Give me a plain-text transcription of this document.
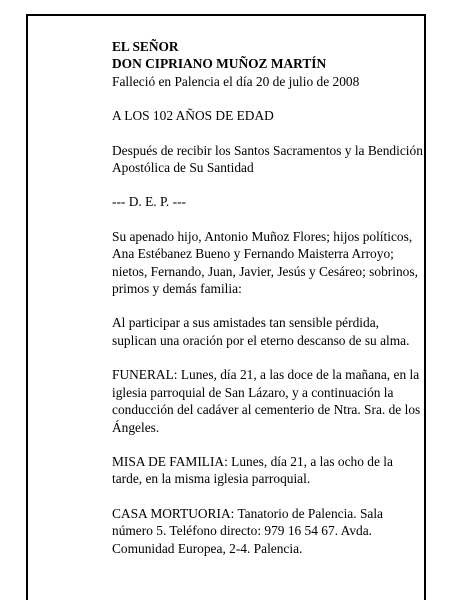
EL SEÑOR

DON CIPRIANO MUÑOZ MARTÍN

Falleció en Palencia el día 20 de julio de 2008

A LOS 102 AÑOS DE EDAD

Después de recibir los Santos Sacramentos y la Bendición Apostólica de Su Santidad

--- D. E. P. ---

Su apenado hijo, Antonio Muñoz Flores; hijos políticos, Ana Estébanez Bueno y Fernando Maisterra Arroyo; nietos, Fernando, Juan, Javier, Jesús y Cesáreo; sobrinos, primos y demás familia:

Al participar a sus amistades tan sensible pérdida, suplican una oración por el eterno descanso de su alma.

FUNERAL: Lunes, día 21, a las doce de la mañana, en la iglesia parroquial de San Lázaro, y a continuación la conducción del cadáver al cementerio de Ntra. Sra. de los Ángeles.

MISA DE FAMILIA: Lunes, día 21, a las ocho de la tarde, en la misma iglesia parroquial.

CASA MORTUORIA: Tanatorio de Palencia. Sala número 5. Teléfono directo: 979 16 54 67. Avda. Comunidad Europea, 2-4. Palencia.
